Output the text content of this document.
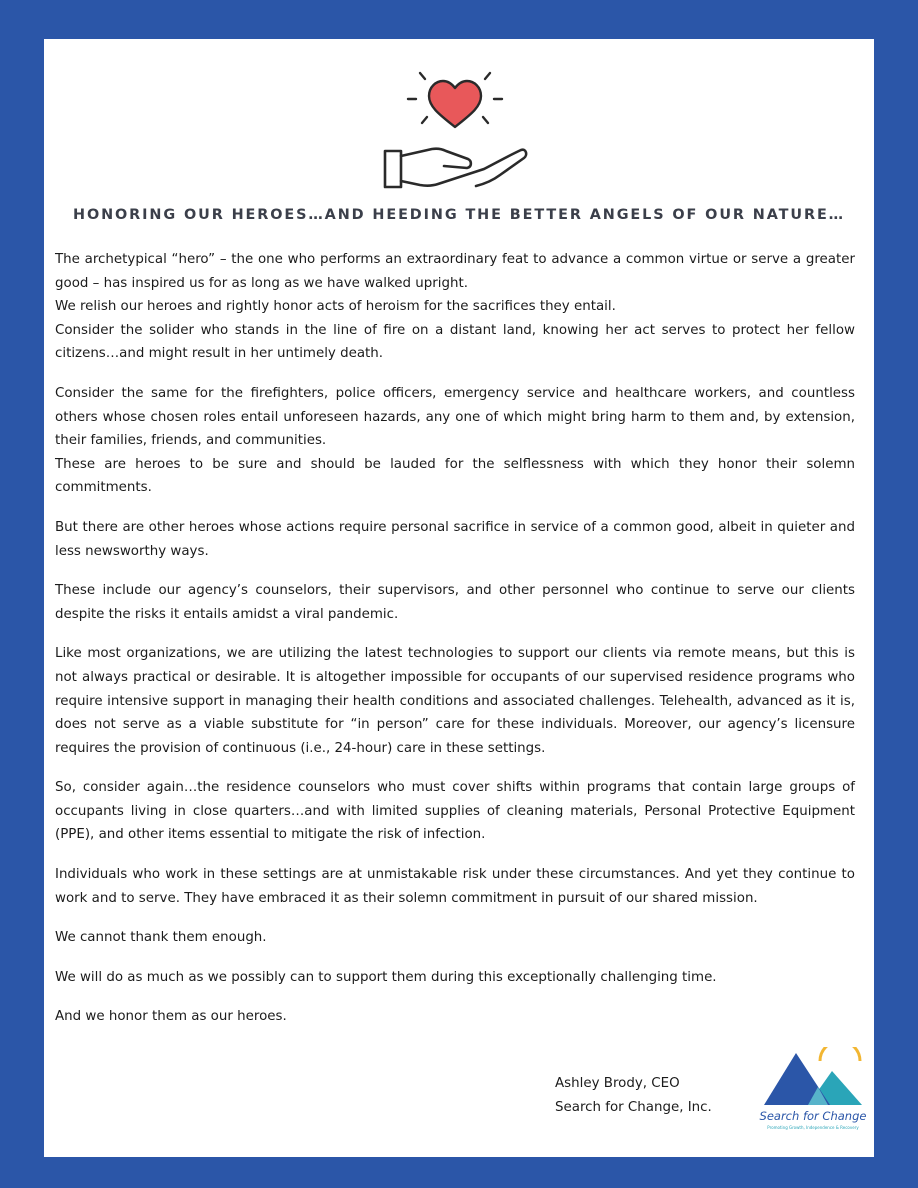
HONORING OUR HEROES…AND HEEDING THE BETTER ANGELS OF OUR NATURE…

The archetypical “hero” – the one who performs an extraordinary feat to advance a common virtue or serve a greater good – has inspired us for as long as we have walked upright.
We relish our heroes and rightly honor acts of heroism for the sacrifices they entail.
Consider the solider who stands in the line of fire on a distant land, knowing her act serves to protect her fellow citizens…and might result in her untimely death.

Consider the same for the firefighters, police officers, emergency service and healthcare workers, and countless others whose chosen roles entail unforeseen hazards, any one of which might bring harm to them and, by extension, their families, friends, and communities.
These are heroes to be sure and should be lauded for the selflessness with which they honor their solemn commitments.

But there are other heroes whose actions require personal sacrifice in service of a common good, albeit in quieter and less newsworthy ways.

These include our agency’s counselors, their supervisors, and other personnel who continue to serve our clients despite the risks it entails amidst a viral pandemic.

Like most organizations, we are utilizing the latest technologies to support our clients via remote means, but this is not always practical or desirable. It is altogether impossible for occupants of our supervised residence programs who require intensive support in managing their health conditions and associated challenges. Telehealth, advanced as it is, does not serve as a viable substitute for “in person” care for these individuals. Moreover, our agency’s licensure requires the provision of continuous (i.e., 24-hour) care in these settings.

So, consider again…the residence counselors who must cover shifts within programs that contain large groups of occupants living in close quarters…and with limited supplies of cleaning materials, Personal Protective Equipment (PPE), and other items essential to mitigate the risk of infection.

Individuals who work in these settings are at unmistakable risk under these circumstances. And yet they continue to work and to serve. They have embraced it as their solemn commitment in pursuit of our shared mission.

We cannot thank them enough.

We will do as much as we possibly can to support them during this exceptionally challenging time.

And we honor them as our heroes.

Ashley Brody, CEO
Search for Change, Inc.
Search for Change
Promoting Growth, Independence & Recovery
